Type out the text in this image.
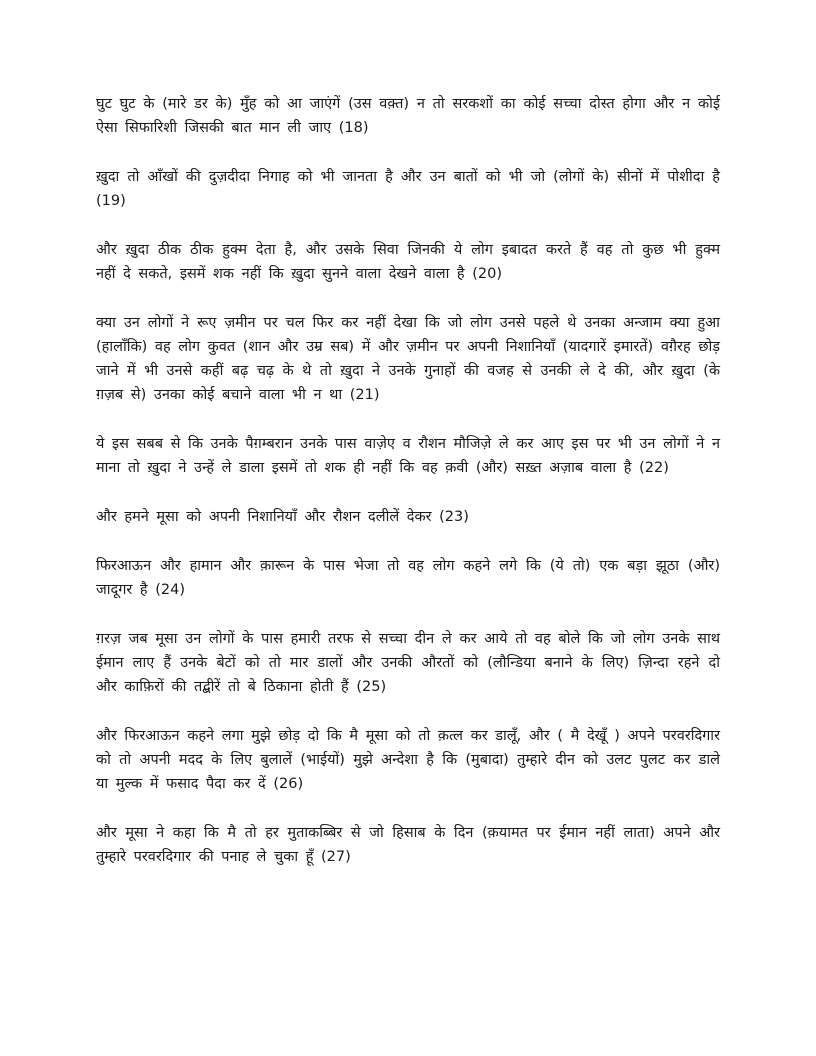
घुट घुट के (मारे डर के) मुँह को आ जाएंगें (उस वक़्त) न तो सरकशों का कोई सच्चा दोस्त होगा और न कोई ऐसा सिफारिशी जिसकी बात मान ली जाए (18)

ख़ुदा तो आँखों की दुज़दीदा निगाह को भी जानता है और उन बातों को भी जो (लोगों के) सीनों में पोशीदा है (19)

और ख़ुदा ठीक ठीक हुक्म देता है, और उसके सिवा जिनकी ये लोग इबादत करते हैं वह तो कुछ भी हुक्म नहीं दे सकते, इसमें शक नहीं कि ख़ुदा सुनने वाला देखने वाला है (20)

क्या उन लोगों ने रूए ज़मीन पर चल फिर कर नहीं देखा कि जो लोग उनसे पहले थे उनका अन्जाम क्या हुआ (हालाँकि) वह लोग कुवत (शान और उम्र सब) में और ज़मीन पर अपनी निशानियाँ (यादगारें इमारतें) वग़ैरह छोड़ जाने में भी उनसे कहीं बढ़ चढ़ के थे तो ख़ुदा ने उनके गुनाहों की वजह से उनकी ले दे की, और ख़ुदा (के ग़ज़ब से) उनका कोई बचाने वाला भी न था (21)

ये इस सबब से कि उनके पैग़म्बरान उनके पास वाज़ेए व रौशन मौजिज़े ले कर आए इस पर भी उन लोगों ने न माना तो ख़ुदा ने उन्हें ले डाला इसमें तो शक ही नहीं कि वह क़वी (और) सख़्त अज़ाब वाला है (22)

और हमने मूसा को अपनी निशानियाँ और रौशन दलीलें देकर (23)

फिरआऊन और हामान और क़ारून के पास भेजा तो वह लोग कहने लगे कि (ये तो) एक बड़ा झूठा (और) जादूगर है (24)

ग़रज़ जब मूसा उन लोगों के पास हमारी तरफ से सच्चा दीन ले कर आये तो वह बोले कि जो लोग उनके साथ ईमान लाए हैं उनके बेटों को तो मार डालों और उनकी औरतों को (लौन्डिया बनाने के लिए) ज़िन्दा रहने दो और काफ़िरों की तद्बीरें तो बे ठिकाना होती हैं (25)

और फिरआऊन कहने लगा मुझे छोड़ दो कि मै मूसा को तो क़त्ल कर डालूँ, और ( मै देखूँ ) अपने परवरदिगार को तो अपनी मदद के लिए बुलालें (भाईयों) मुझे अन्देशा है कि (मुबादा) तुम्हारे दीन को उलट पुलट कर डाले या मुल्क में फसाद पैदा कर दें (26)

और मूसा ने कहा कि मै तो हर मुताकब्बिर से जो हिसाब के दिन (क़यामत पर ईमान नहीं लाता) अपने और तुम्हारे परवरदिगार की पनाह ले चुका हूँ (27)
